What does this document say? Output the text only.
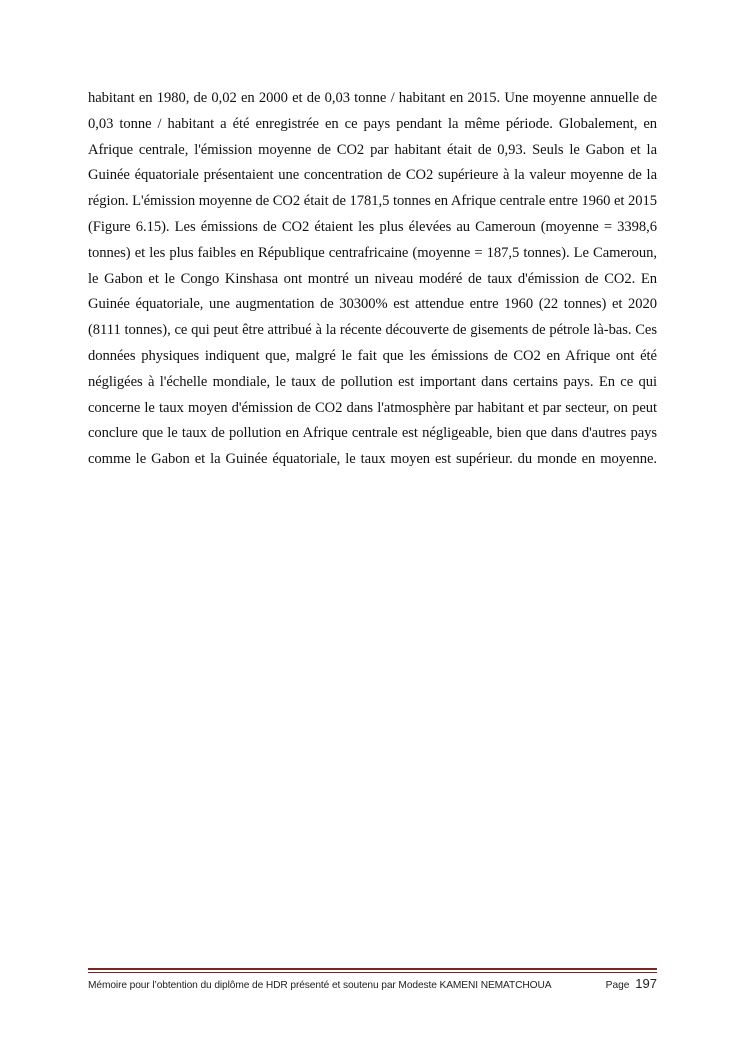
habitant en 1980, de 0,02 en 2000 et de 0,03 tonne / habitant en 2015. Une moyenne annuelle de 0,03 tonne / habitant a été enregistrée en ce pays pendant la même période. Globalement, en Afrique centrale, l'émission moyenne de CO2 par habitant était de 0,93. Seuls le Gabon et la Guinée équatoriale présentaient une concentration de CO2 supérieure à la valeur moyenne de la région. L'émission moyenne de CO2 était de 1781,5 tonnes en Afrique centrale entre 1960 et 2015 (Figure 6.15). Les émissions de CO2 étaient les plus élevées au Cameroun (moyenne = 3398,6 tonnes) et les plus faibles en République centrafricaine (moyenne = 187,5 tonnes). Le Cameroun, le Gabon et le Congo Kinshasa ont montré un niveau modéré de taux d'émission de CO2. En Guinée équatoriale, une augmentation de 30300% est attendue entre 1960 (22 tonnes) et 2020 (8111 tonnes), ce qui peut être attribué à la récente découverte de gisements de pétrole là-bas. Ces données physiques indiquent que, malgré le fait que les émissions de CO2 en Afrique ont été négligées à l'échelle mondiale, le taux de pollution est important dans certains pays. En ce qui concerne le taux moyen d'émission de CO2 dans l'atmosphère par habitant et par secteur, on peut conclure que le taux de pollution en Afrique centrale est négligeable, bien que dans d'autres pays comme le Gabon et la Guinée équatoriale, le taux moyen est supérieur. du monde en moyenne.

Mémoire pour l’obtention du diplôme de HDR présenté et soutenu par Modeste KAMENI NEMATCHOUA	Page 197
